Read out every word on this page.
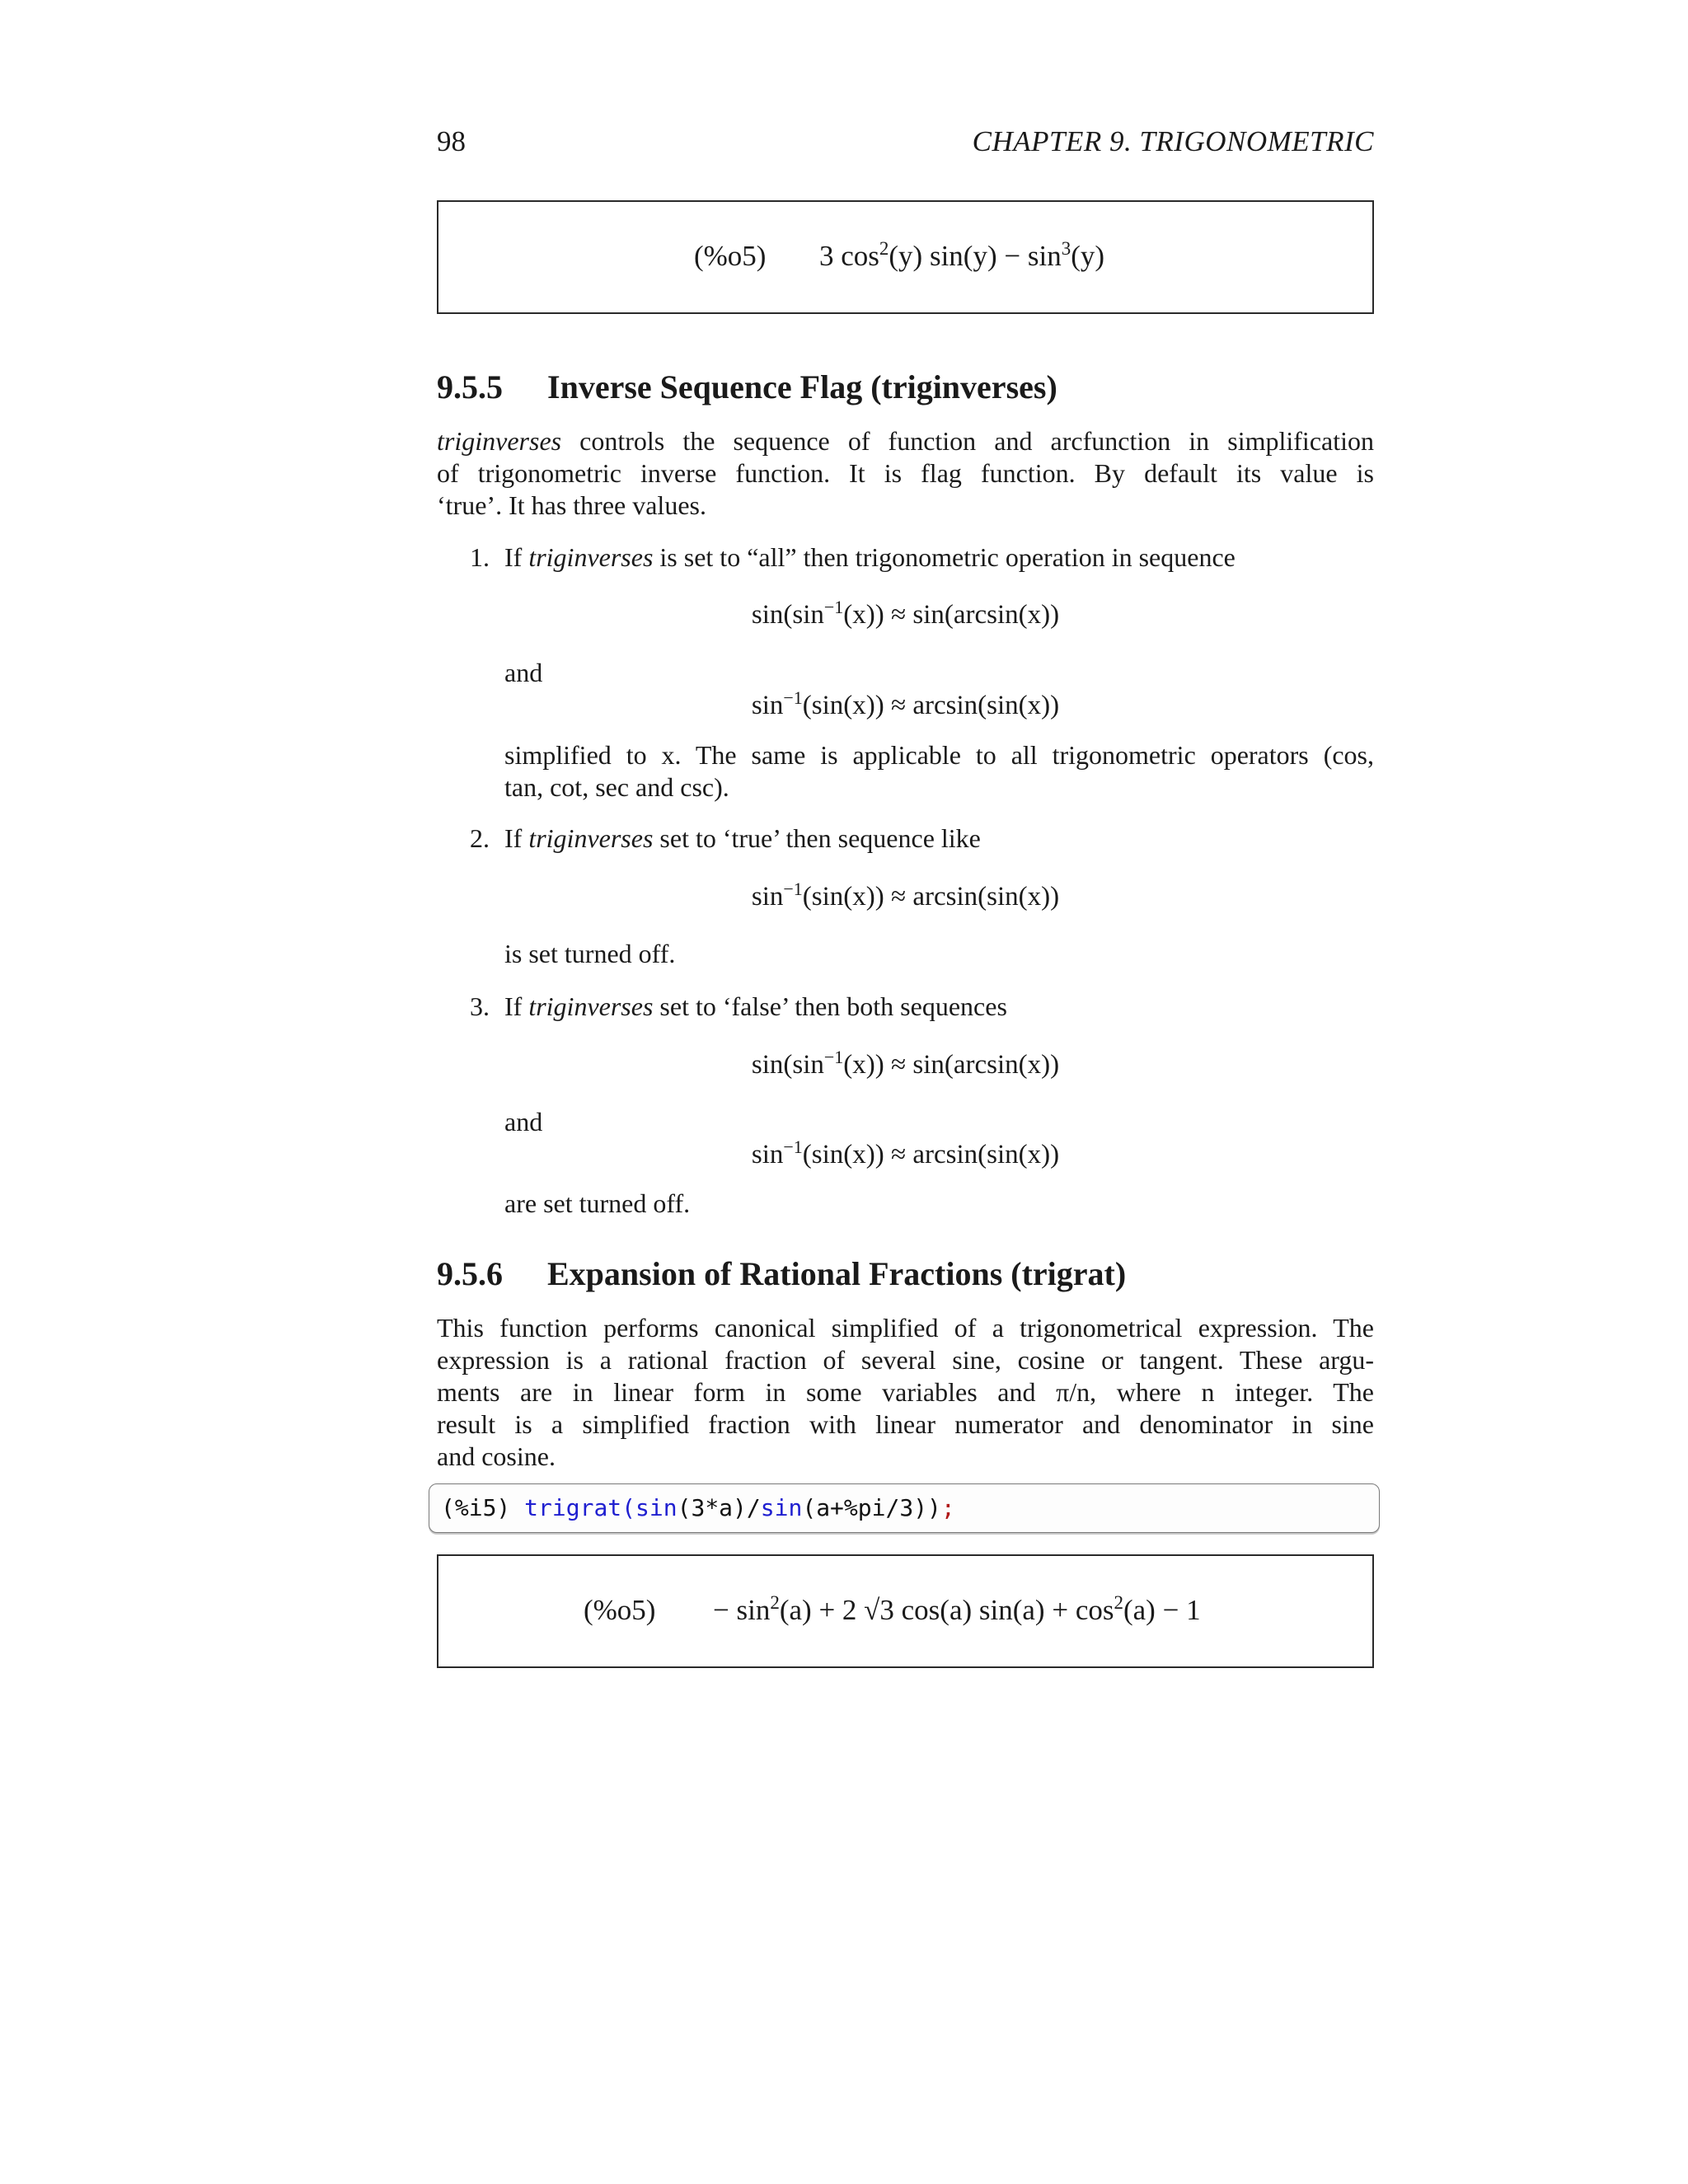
98	CHAPTER 9. TRIGONOMETRIC
(%o5) 3 $\cos^2(y) \sin(y) - \sin^3(y)$
9.5.5 Inverse Sequence Flag (triginverses)
triginverses controls the sequence of function and arcfunction in simplification
of trigonometric inverse function. It is flag function. By default its value is
‘true’. It has three values.
1. If triginverses is set to “all” then trigonometric operation in sequence
$\sin(\sin^{-1}(x)) \approx \sin(\arcsin(x))$
and
$\sin^{-1}(\sin(x)) \approx \arcsin(\sin(x))$
simplified to x. The same is applicable to all trigonometric operators (cos,
tan, cot, sec and csc).
2. If triginverses set to ‘true’ then sequence like
$\sin^{-1}(\sin(x)) \approx \arcsin(\sin(x))$
is set turned off.
3. If triginverses set to ‘false’ then both sequences
$\sin(\sin^{-1}(x)) \approx \sin(\arcsin(x))$
and
$\sin^{-1}(\sin(x)) \approx \arcsin(\sin(x))$
are set turned off.
9.5.6 Expansion of Rational Fractions (trigrat)
This function performs canonical simplified of a trigonometrical expression. The
expression is a rational fraction of several sine, cosine or tangent. These argu-
ments are in linear form in some variables and π/n, where n integer. The
result is a simplified fraction with linear numerator and denominator in sine
and cosine.
(%i5) trigrat(sin(3*a)/sin(a+%pi/3));
$(\%o5) - \sin^2(a) + 2$ √3 cos(a) $\sin(a) + \cos^2(a) - 1$
